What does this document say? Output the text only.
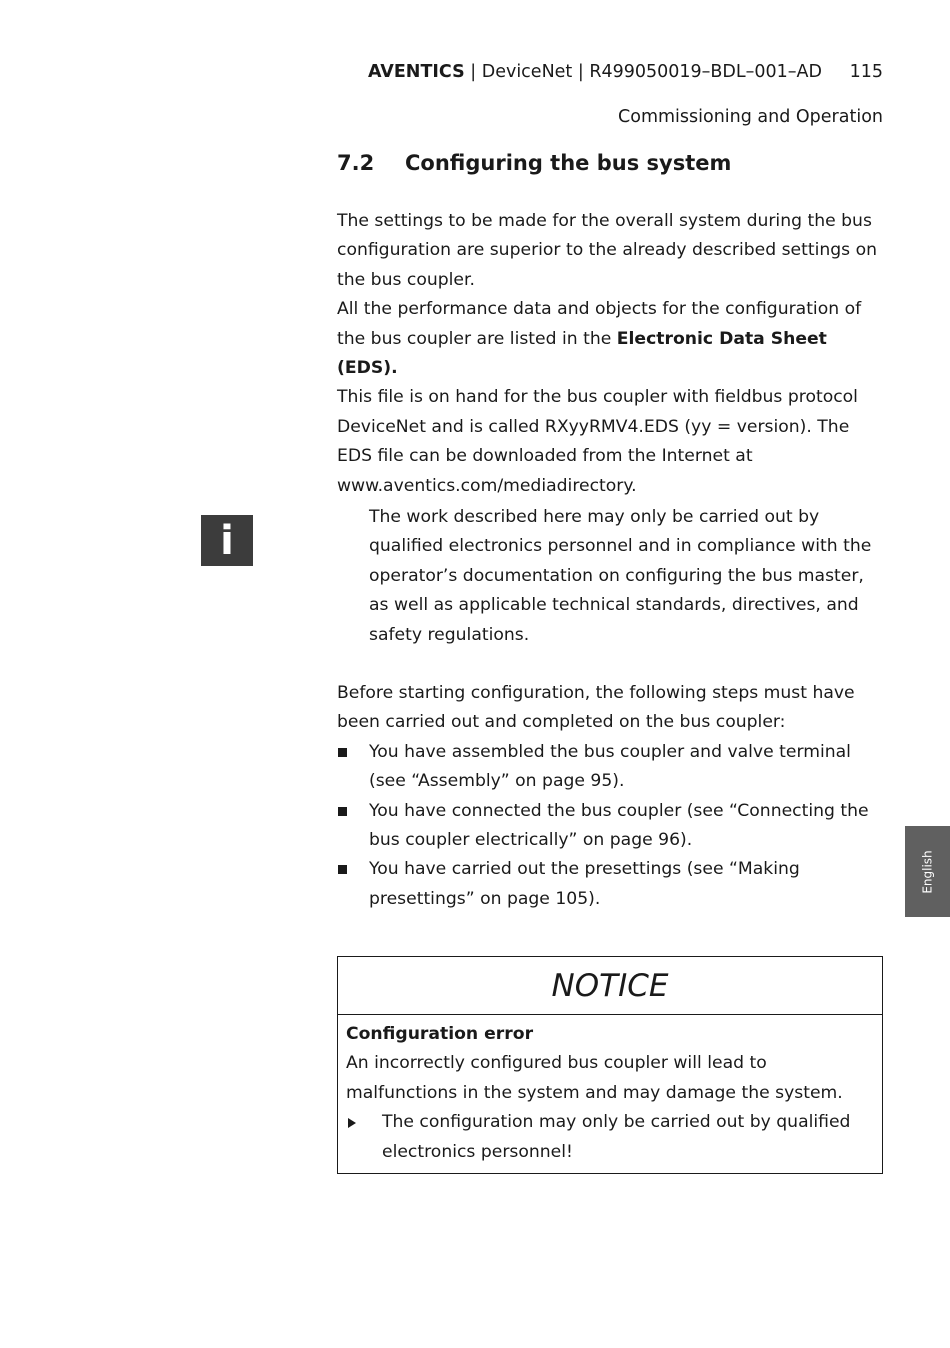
AVENTICS | DeviceNet | R499050019–BDL–001–AD 115
Commissioning and Operation
7.2 Configuring the bus system

The settings to be made for the overall system during the bus configuration are superior to the already described settings on the bus coupler.

All the performance data and objects for the configuration of the bus coupler are listed in the Electronic Data Sheet (EDS).

This file is on hand for the bus coupler with fieldbus protocol DeviceNet and is called RXyyRMV4.EDS (yy = version). The EDS file can be downloaded from the Internet at www.aventics.com/mediadirectory.

i
The work described here may only be carried out by qualified electronics personnel and in compliance with the operator’s documentation on configuring the bus master, as well as applicable technical standards, directives, and safety regulations.

Before starting configuration, the following steps must have been carried out and completed on the bus coupler:

You have assembled the bus coupler and valve terminal (see “Assembly” on page 95).
You have connected the bus coupler (see “Connecting the bus coupler electrically” on page 96).
You have carried out the presettings (see “Making presettings” on page 105).
NOTICE
Configuration error
An incorrectly configured bus coupler will lead to malfunctions in the system and may damage the system.
The configuration may only be carried out by qualified electronics personnel!
English
